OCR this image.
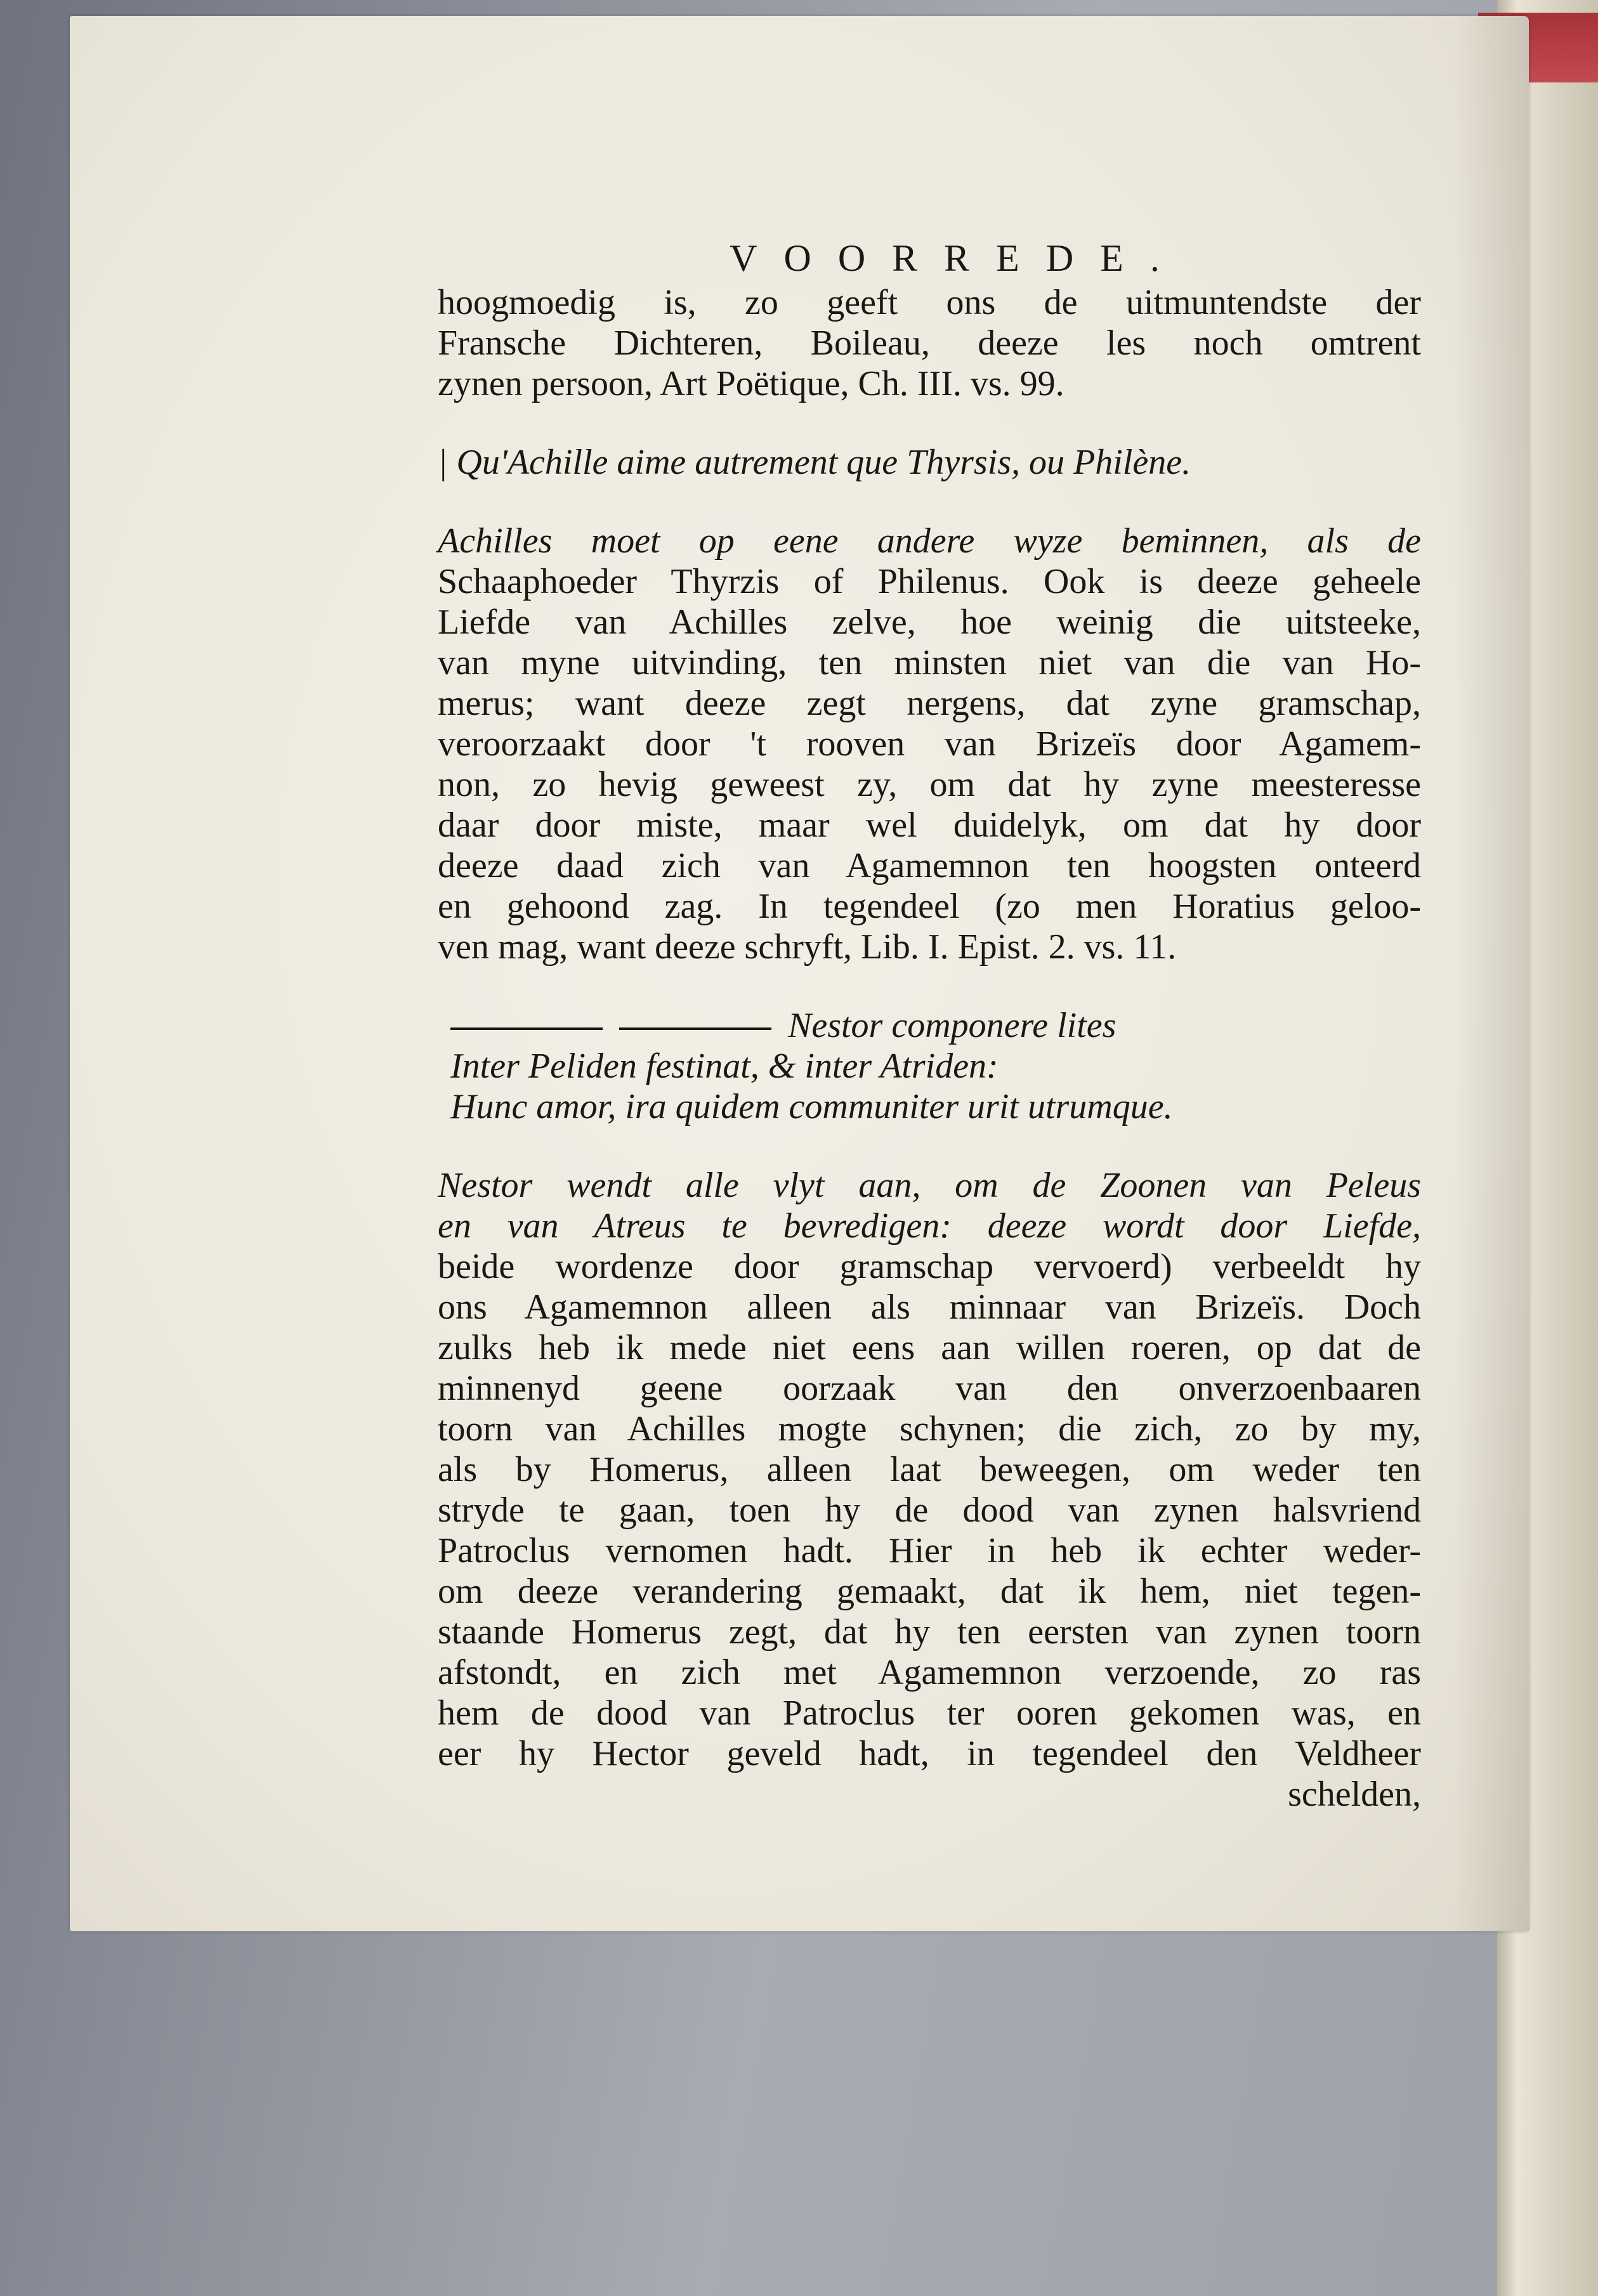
VOORREDE.
hoogmoedig is, zo geeft ons de uitmuntendste der
Fransche Dichteren, Boileau, deeze les noch omtrent
zynen persoon, Art Poëtique, Ch. III. vs. 99.
| Qu'Achille aime autrement que Thyrsis, ou Philène.
Achilles moet op eene andere wyze beminnen, als de
Schaaphoeder Thyrzis of Philenus. Ook is deeze geheele
Liefde van Achilles zelve, hoe weinig die uitsteeke,
van myne uitvinding, ten minsten niet van die van Ho-
merus; want deeze zegt nergens, dat zyne gramschap,
veroorzaakt door 't rooven van Brizeïs door Agamem-
non, zo hevig geweest zy, om dat hy zyne meesteresse
daar door miste, maar wel duidelyk, om dat hy door
deeze daad zich van Agamemnon ten hoogsten onteerd
en gehoond zag. In tegendeel (zo men Horatius geloo-
ven mag, want deeze schryft, Lib. I. Epist. 2. vs. 11.
Nestor componere lites
Inter Peliden festinat, & inter Atriden:
Hunc amor, ira quidem communiter urit utrumque.
Nestor wendt alle vlyt aan, om de Zoonen van Peleus
en van Atreus te bevredigen: deeze wordt door Liefde,
beide wordenze door gramschap vervoerd) verbeeldt hy
ons Agamemnon alleen als minnaar van Brizeïs. Doch
zulks heb ik mede niet eens aan willen roeren, op dat de
minnenyd geene oorzaak van den onverzoenbaaren
toorn van Achilles mogte schynen; die zich, zo by my,
als by Homerus, alleen laat beweegen, om weder ten
stryde te gaan, toen hy de dood van zynen halsvriend
Patroclus vernomen hadt. Hier in heb ik echter weder-
om deeze verandering gemaakt, dat ik hem, niet tegen-
staande Homerus zegt, dat hy ten eersten van zynen toorn
afstondt, en zich met Agamemnon verzoende, zo ras
hem de dood van Patroclus ter ooren gekomen was, en
eer hy Hector geveld hadt, in tegendeel den Veldheer
schelden,
